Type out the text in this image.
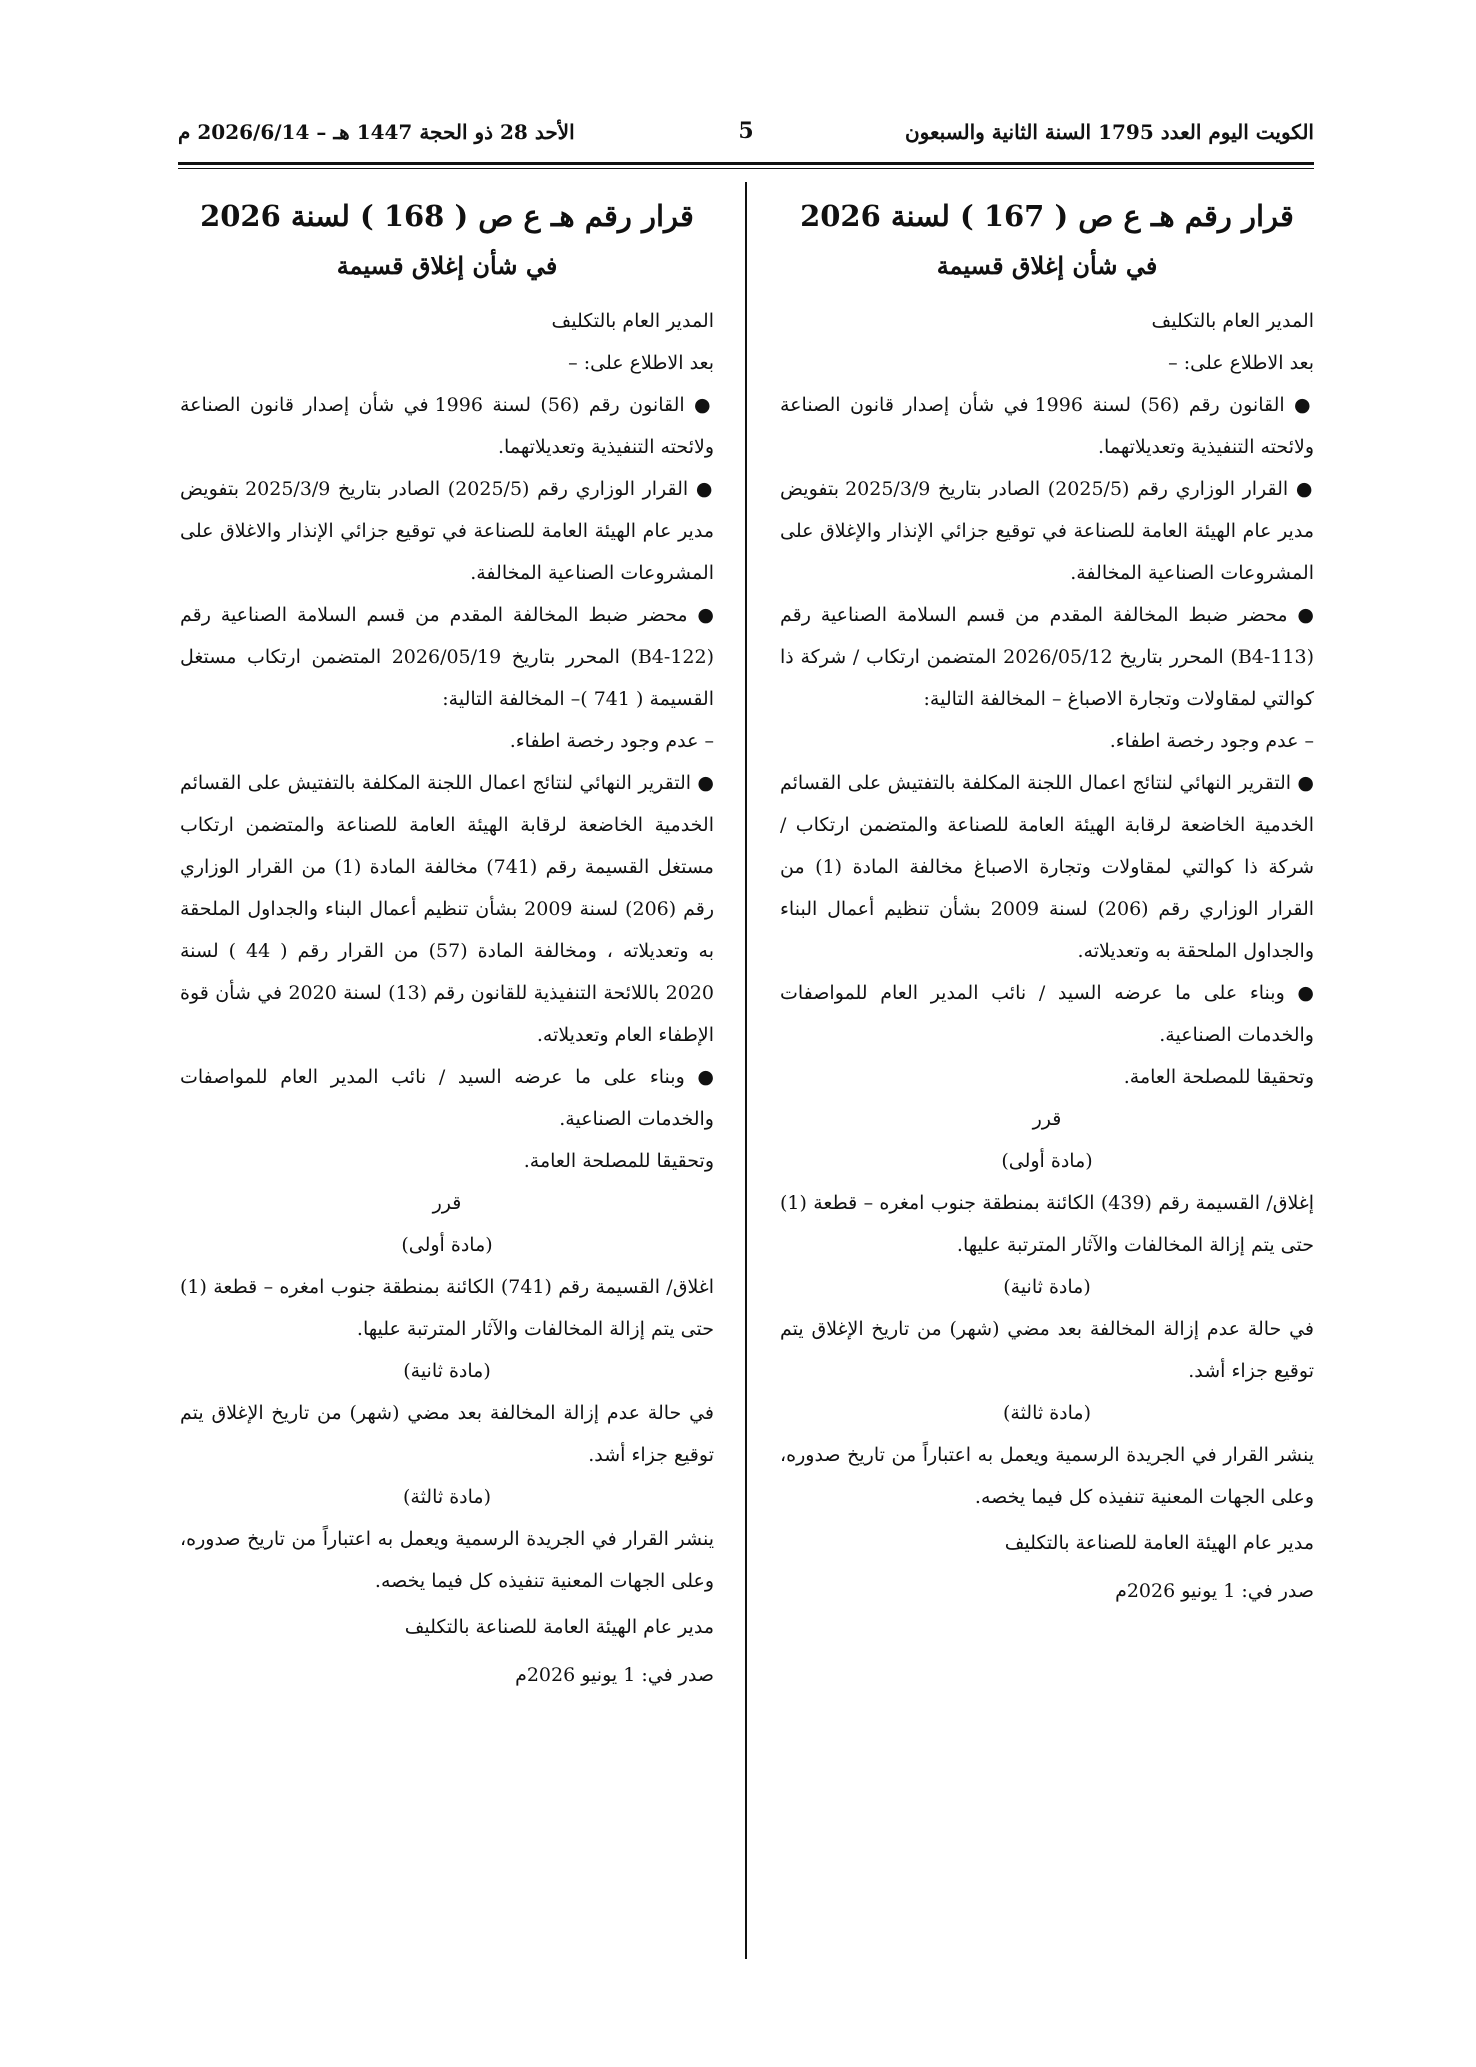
الكويت اليوم العدد 1795 السنة الثانية والسبعون
5
الأحد 28 ذو الحجة 1447 هـ – 2026/6/14 م

قرار رقم هـ ع ص ( 167 ) لسنة 2026

في شأن إغلاق قسيمة

المدير العام بالتكليف

بعد الاطلاع على: –

● القانون رقم (56) لسنة 1996 في شأن إصدار قانون الصناعة ولائحته التنفيذية وتعديلاتهما.

● القرار الوزاري رقم (2025/5) الصادر بتاريخ 2025/3/9 بتفويض مدير عام الهيئة العامة للصناعة في توقيع جزائي الإنذار والإغلاق على المشروعات الصناعية المخالفة.

● محضر ضبط المخالفة المقدم من قسم السلامة الصناعية رقم (B4-113) المحرر بتاريخ 2026/05/12 المتضمن ارتكاب / شركة ذا كوالتي لمقاولات وتجارة الاصباغ – المخالفة التالية:

– عدم وجود رخصة اطفاء.

● التقرير النهائي لنتائج اعمال اللجنة المكلفة بالتفتيش على القسائم الخدمية الخاضعة لرقابة الهيئة العامة للصناعة والمتضمن ارتكاب / شركة ذا كوالتي لمقاولات وتجارة الاصباغ مخالفة المادة (1) من القرار الوزاري رقم (206) لسنة 2009 بشأن تنظيم أعمال البناء والجداول الملحقة به وتعديلاته.

● وبناء على ما عرضه السيد / نائب المدير العام للمواصفات والخدمات الصناعية.

وتحقيقا للمصلحة العامة.

قرر

(مادة أولى)

إغلاق/ القسيمة رقم (439) الكائنة بمنطقة جنوب امغره – قطعة (1) حتى يتم إزالة المخالفات والآثار المترتبة عليها.

(مادة ثانية)

في حالة عدم إزالة المخالفة بعد مضي (شهر) من تاريخ الإغلاق يتم توقيع جزاء أشد.

(مادة ثالثة)

ينشر القرار في الجريدة الرسمية ويعمل به اعتباراً من تاريخ صدوره، وعلى الجهات المعنية تنفيذه كل فيما يخصه.

مدير عام الهيئة العامة للصناعة بالتكليف

صدر في: 1 يونيو 2026م

قرار رقم هـ ع ص ( 168 ) لسنة 2026

في شأن إغلاق قسيمة

المدير العام بالتكليف

بعد الاطلاع على: –

● القانون رقم (56) لسنة 1996 في شأن إصدار قانون الصناعة ولائحته التنفيذية وتعديلاتهما.

● القرار الوزاري رقم (2025/5) الصادر بتاريخ 2025/3/9 بتفويض مدير عام الهيئة العامة للصناعة في توقيع جزائي الإنذار والاغلاق على المشروعات الصناعية المخالفة.

● محضر ضبط المخالفة المقدم من قسم السلامة الصناعية رقم (B4-122) المحرر بتاريخ 2026/05/19 المتضمن ارتكاب مستغل القسيمة ( 741 )– المخالفة التالية:

– عدم وجود رخصة اطفاء.

● التقرير النهائي لنتائج اعمال اللجنة المكلفة بالتفتيش على القسائم الخدمية الخاضعة لرقابة الهيئة العامة للصناعة والمتضمن ارتكاب مستغل القسيمة رقم (741) مخالفة المادة (1) من القرار الوزاري رقم (206) لسنة 2009 بشأن تنظيم أعمال البناء والجداول الملحقة به وتعديلاته ، ومخالفة المادة (57) من القرار رقم ( 44 ) لسنة 2020 باللائحة التنفيذية للقانون رقم (13) لسنة 2020 في شأن قوة الإطفاء العام وتعديلاته.

● وبناء على ما عرضه السيد / نائب المدير العام للمواصفات والخدمات الصناعية.

وتحقيقا للمصلحة العامة.

قرر

(مادة أولى)

اغلاق/ القسيمة رقم (741) الكائنة بمنطقة جنوب امغره – قطعة (1) حتى يتم إزالة المخالفات والآثار المترتبة عليها.

(مادة ثانية)

في حالة عدم إزالة المخالفة بعد مضي (شهر) من تاريخ الإغلاق يتم توقيع جزاء أشد.

(مادة ثالثة)

ينشر القرار في الجريدة الرسمية ويعمل به اعتباراً من تاريخ صدوره، وعلى الجهات المعنية تنفيذه كل فيما يخصه.

مدير عام الهيئة العامة للصناعة بالتكليف

صدر في: 1 يونيو 2026م
